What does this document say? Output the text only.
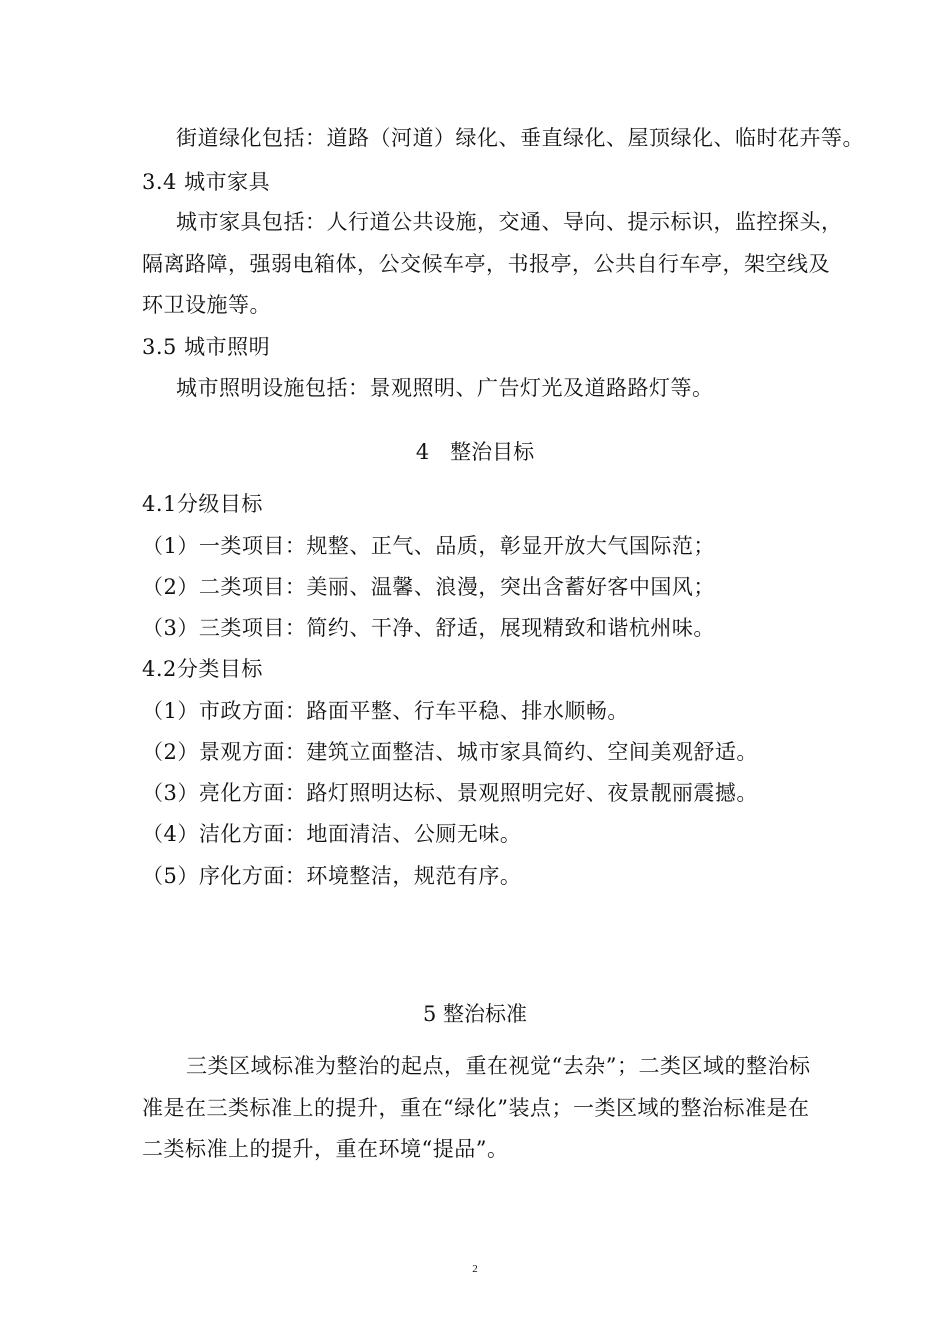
街道绿化包括：道路（河道）绿化、垂直绿化、屋顶绿化、临时花卉等。
3.4 城市家具
城市家具包括：人行道公共设施，交通、导向、提示标识，监控探头，
隔离路障，强弱电箱体，公交候车亭，书报亭，公共自行车亭，架空线及
环卫设施等。
3.5 城市照明
城市照明设施包括：景观照明、广告灯光及道路路灯等。
4　整治目标
4.1分级目标
（1）一类项目：规整、正气、品质，彰显开放大气国际范；
（2）二类项目：美丽、温馨、浪漫，突出含蓄好客中国风；
（3）三类项目：简约、干净、舒适，展现精致和谐杭州味。
4.2分类目标
（1）市政方面：路面平整、行车平稳、排水顺畅。
（2）景观方面：建筑立面整洁、城市家具简约、空间美观舒适。
（3）亮化方面：路灯照明达标、景观照明完好、夜景靓丽震撼。
（4）洁化方面：地面清洁、公厕无味。
（5）序化方面：环境整洁，规范有序。
5 整治标准
三类区域标准为整治的起点，重在视觉“去杂”；二类区域的整治标
准是在三类标准上的提升，重在“绿化”装点；一类区域的整治标准是在
二类标准上的提升，重在环境“提品”。
2
